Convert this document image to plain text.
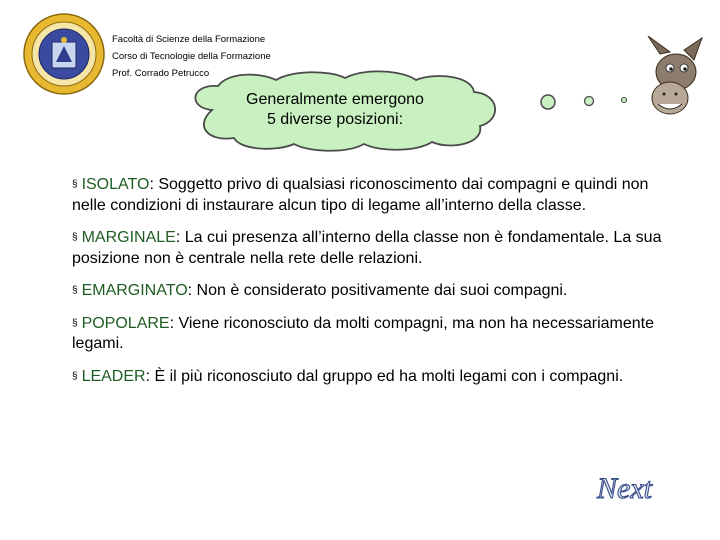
Facoltà di Scienze della Formazione
Corso di Tecnologie della Formazione
Prof. Corrado Petrucco
Generalmente emergono
5 diverse posizioni:
§ ISOLATO: Soggetto privo di qualsiasi riconoscimento dai compagni e quindi non nelle condizioni di instaurare alcun tipo di legame all’interno della classe.
§ MARGINALE: La cui presenza all’interno della classe non è fondamentale. La sua posizione non è centrale nella rete delle relazioni.
§ EMARGINATO: Non è considerato positivamente dai suoi compagni.
§ POPOLARE: Viene riconosciuto da molti compagni, ma non ha necessariamente legami.
§ LEADER: È il più riconosciuto dal gruppo ed ha molti legami con i compagni.
Next
